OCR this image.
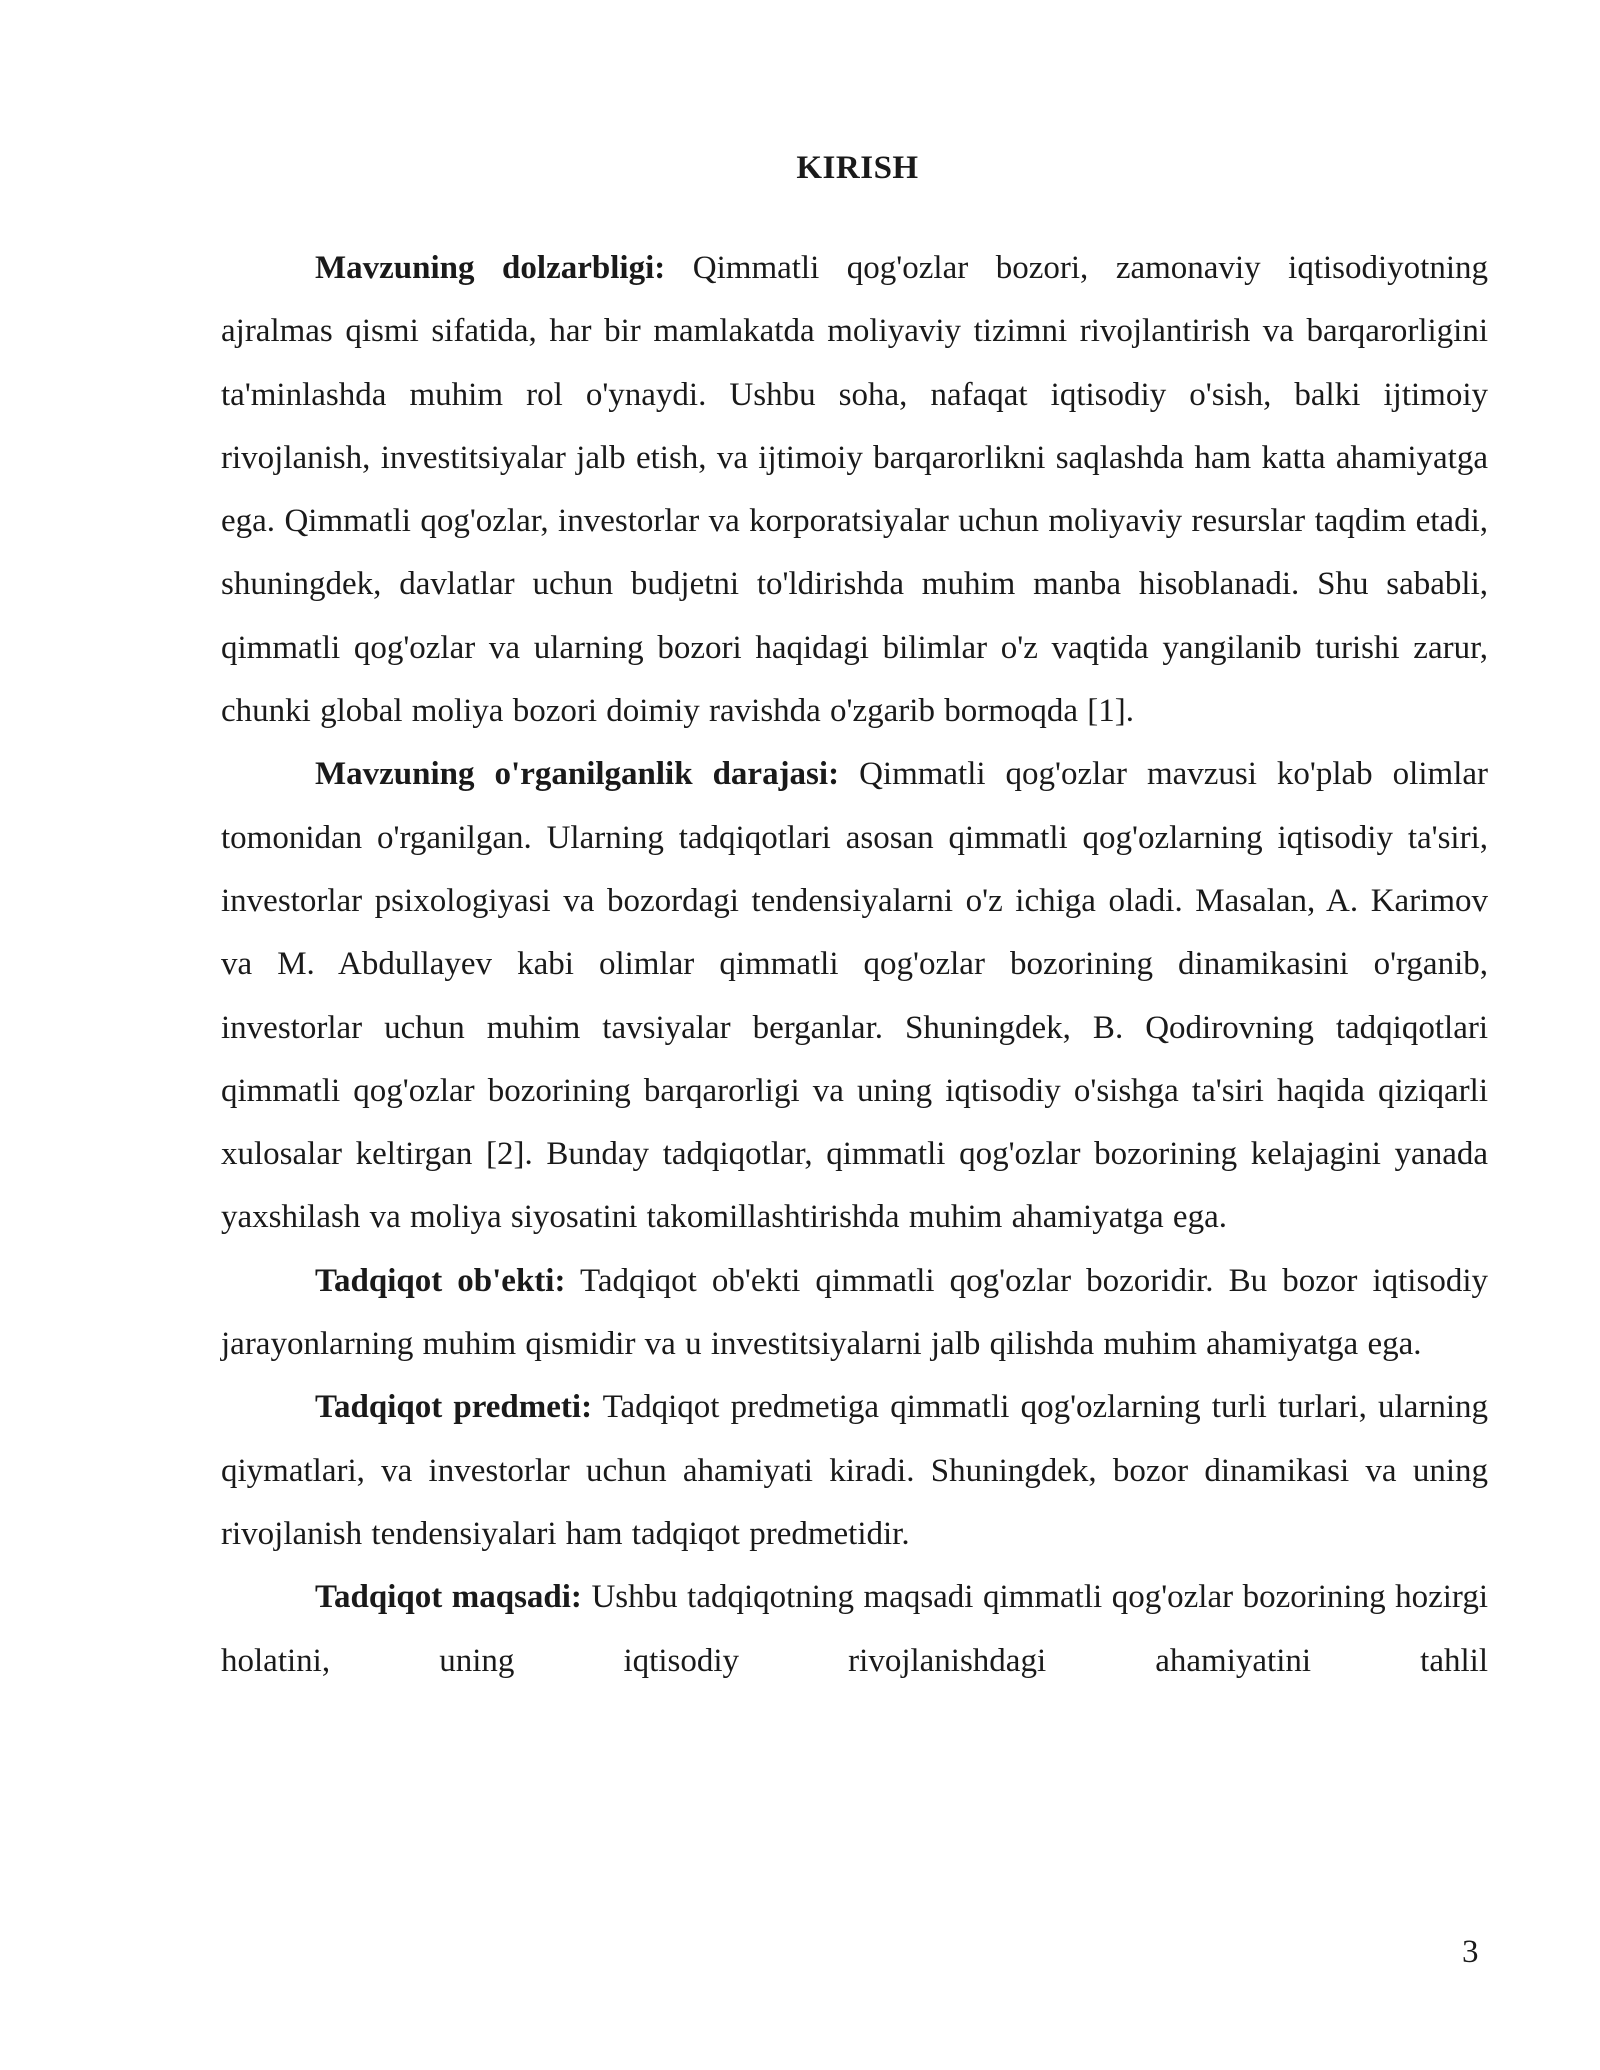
KIRISH

Mavzuning dolzarbligi: Qimmatli qog'ozlar bozori, zamonaviy iqtisodiyotning ajralmas qismi sifatida, har bir mamlakatda moliyaviy tizimni rivojlantirish va barqarorligini ta'minlashda muhim rol o'ynaydi. Ushbu soha, nafaqat iqtisodiy o'sish, balki ijtimoiy rivojlanish, investitsiyalar jalb etish, va ijtimoiy barqarorlikni saqlashda ham katta ahamiyatga ega. Qimmatli qog'ozlar, investorlar va korporatsiyalar uchun moliyaviy resurslar taqdim etadi, shuningdek, davlatlar uchun budjetni to'ldirishda muhim manba hisoblanadi. Shu sababli, qimmatli qog'ozlar va ularning bozori haqidagi bilimlar o'z vaqtida yangilanib turishi zarur, chunki global moliya bozori doimiy ravishda o'zgarib bormoqda [1].

Mavzuning o'rganilganlik darajasi: Qimmatli qog'ozlar mavzusi ko'plab olimlar tomonidan o'rganilgan. Ularning tadqiqotlari asosan qimmatli qog'ozlarning iqtisodiy ta'siri, investorlar psixologiyasi va bozordagi tendensiyalarni o'z ichiga oladi. Masalan, A. Karimov va M. Abdullayev kabi olimlar qimmatli qog'ozlar bozorining dinamikasini o'rganib, investorlar uchun muhim tavsiyalar berganlar. Shuningdek, B. Qodirovning tadqiqotlari qimmatli qog'ozlar bozorining barqarorligi va uning iqtisodiy o'sishga ta'siri haqida qiziqarli xulosalar keltirgan [2]. Bunday tadqiqotlar, qimmatli qog'ozlar bozorining kelajagini yanada yaxshilash va moliya siyosatini takomillashtirishda muhim ahamiyatga ega.

Tadqiqot ob'ekti: Tadqiqot ob'ekti qimmatli qog'ozlar bozoridir. Bu bozor iqtisodiy jarayonlarning muhim qismidir va u investitsiyalarni jalb qilishda muhim ahamiyatga ega.

Tadqiqot predmeti: Tadqiqot predmetiga qimmatli qog'ozlarning turli turlari, ularning qiymatlari, va investorlar uchun ahamiyati kiradi. Shuningdek, bozor dinamikasi va uning rivojlanish tendensiyalari ham tadqiqot predmetidir.

Tadqiqot maqsadi: Ushbu tadqiqotning maqsadi qimmatli qog'ozlar bozorining hozirgi holatini, uning iqtisodiy rivojlanishdagi ahamiyatini tahlil

3
